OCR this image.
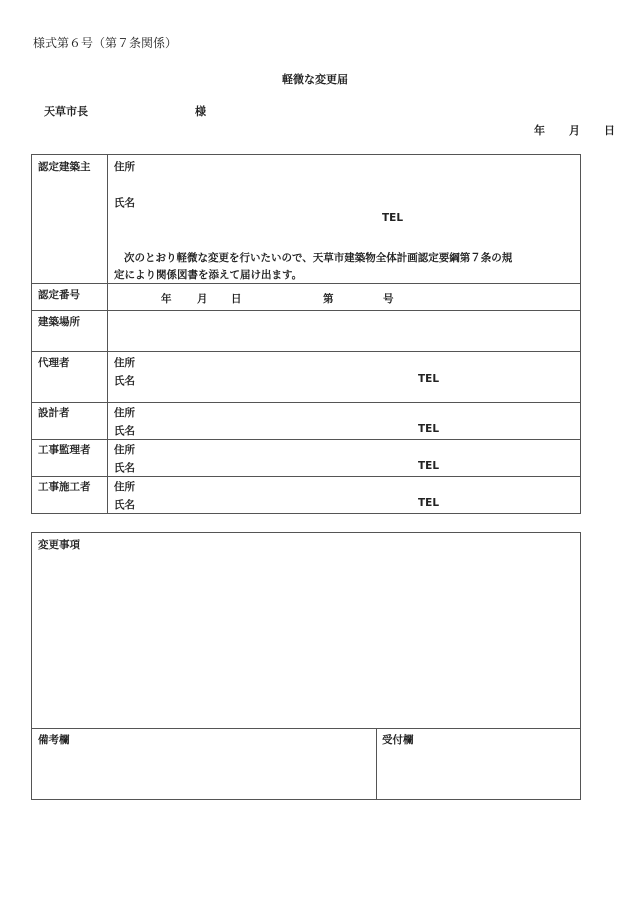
様式第６号（第７条関係）
軽微な変更届
天草市長	様
年 月 日
認定建築主 住所
氏名
TEL
次のとおり軽微な変更を行いたいので、天草市建築物全体計画認定要綱第７条の規
定により関係図書を添えて届け出ます。
認定番号	年 月 日	第	号
建築場所
代理者	住所
氏名	TEL
設計者	住所
氏名	TEL
工事監理者 住所
氏名	TEL
工事施工者 住所
氏名	TEL
変更事項
備考欄	受付欄
